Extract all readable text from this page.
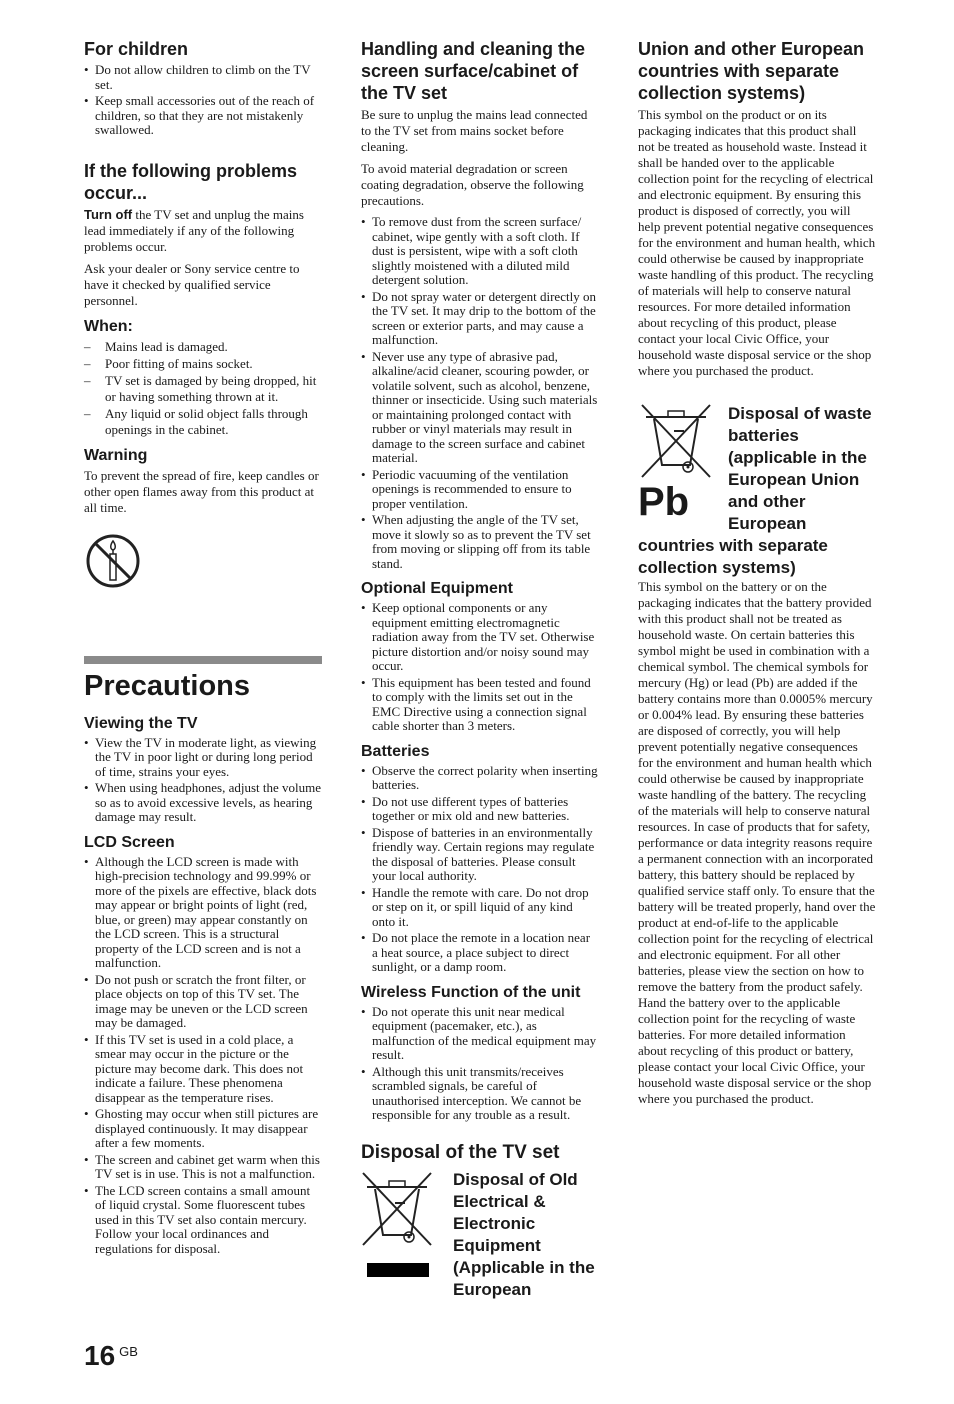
For children
• Do not allow children to climb on the TV set.
• Keep small accessories out of the reach of children, so that they are not mistakenly swallowed.
If the following problems occur...

Turn off the TV set and unplug the mains lead immediately if any of the following problems occur.

Ask your dealer or Sony service centre to have it checked by qualified service personnel.

When:
– Mains lead is damaged.
– Poor fitting of mains socket.
– TV set is damaged by being dropped, hit or having something thrown at it.
– Any liquid or solid object falls through openings in the cabinet.
Warning

To prevent the spread of fire, keep candles or other open flames away from this product at all time.

Precautions
Viewing the TV
• View the TV in moderate light, as viewing the TV in poor light or during long period of time, strains your eyes.
• When using headphones, adjust the volume so as to avoid excessive levels, as hearing damage may result.
LCD Screen
• Although the LCD screen is made with high-precision technology and 99.99% or more of the pixels are effective, black dots may appear or bright points of light (red, blue, or green) may appear constantly on the LCD screen. This is a structural property of the LCD screen and is not a malfunction.
• Do not push or scratch the front filter, or place objects on top of this TV set. The image may be uneven or the LCD screen may be damaged.
• If this TV set is used in a cold place, a smear may occur in the picture or the picture may become dark. This does not indicate a failure. These phenomena disappear as the temperature rises.
• Ghosting may occur when still pictures are displayed continuously. It may disappear after a few moments.
• The screen and cabinet get warm when this TV set is in use. This is not a malfunction.
• The LCD screen contains a small amount of liquid crystal. Some fluorescent tubes used in this TV set also contain mercury. Follow your local ordinances and regulations for disposal.
Handling and cleaning the screen surface/cabinet of the TV set

Be sure to unplug the mains lead connected to the TV set from mains socket before cleaning.

To avoid material degradation or screen coating degradation, observe the following precautions.

• To remove dust from the screen surface/ cabinet, wipe gently with a soft cloth. If dust is persistent, wipe with a soft cloth slightly moistened with a diluted mild detergent solution.
• Do not spray water or detergent directly on the TV set. It may drip to the bottom of the screen or exterior parts, and may cause a malfunction.
• Never use any type of abrasive pad, alkaline/acid cleaner, scouring powder, or volatile solvent, such as alcohol, benzene, thinner or insecticide. Using such materials or maintaining prolonged contact with rubber or vinyl materials may result in damage to the screen surface and cabinet material.
• Periodic vacuuming of the ventilation openings is recommended to ensure to proper ventilation.
• When adjusting the angle of the TV set, move it slowly so as to prevent the TV set from moving or slipping off from its table stand.
Optional Equipment
• Keep optional components or any equipment emitting electromagnetic radiation away from the TV set. Otherwise picture distortion and/or noisy sound may occur.
• This equipment has been tested and found to comply with the limits set out in the EMC Directive using a connection signal cable shorter than 3 meters.
Batteries
• Observe the correct polarity when inserting batteries.
• Do not use different types of batteries together or mix old and new batteries.
• Dispose of batteries in an environmentally friendly way. Certain regions may regulate the disposal of batteries. Please consult your local authority.
• Handle the remote with care. Do not drop or step on it, or spill liquid of any kind onto it.
• Do not place the remote in a location near a heat source, a place subject to direct sunlight, or a damp room.
Wireless Function of the unit
• Do not operate this unit near medical equipment (pacemaker, etc.), as malfunction of the medical equipment may result.
• Although this unit transmits/receives scrambled signals, be careful of unauthorised interception. We cannot be responsible for any trouble as a result.
Disposal of the TV set
Disposal of Old Electrical & Electronic Equipment (Applicable in the European
Union and other European countries with separate collection systems)

This symbol on the product or on its packaging indicates that this product shall not be treated as household waste. Instead it shall be handed over to the applicable collection point for the recycling of electrical and electronic equipment. By ensuring this product is disposed of correctly, you will help prevent potential negative consequences for the environment and human health, which could otherwise be caused by inappropriate waste handling of this product. The recycling of materials will help to conserve natural resources. For more detailed information about recycling of this product, please contact your local Civic Office, your household waste disposal service or the shop where you purchased the product.

Pb
Disposal of waste batteries (applicable in the European Union and other European
countries with separate collection systems)

This symbol on the battery or on the packaging indicates that the battery provided with this product shall not be treated as household waste. On certain batteries this symbol might be used in combination with a chemical symbol. The chemical symbols for mercury (Hg) or lead (Pb) are added if the battery contains more than 0.0005% mercury or 0.004% lead. By ensuring these batteries are disposed of correctly, you will help prevent potentially negative consequences for the environment and human health which could otherwise be caused by inappropriate waste handling of the battery. The recycling of the materials will help to conserve natural resources. In case of products that for safety, performance or data integrity reasons require a permanent connection with an incorporated battery, this battery should be replaced by qualified service staff only. To ensure that the battery will be treated properly, hand over the product at end-of-life to the applicable collection point for the recycling of electrical and electronic equipment. For all other batteries, please view the section on how to remove the battery from the product safely. Hand the battery over to the applicable collection point for the recycling of waste batteries. For more detailed information about recycling of this product or battery, please contact your local Civic Office, your household waste disposal service or the shop where you purchased the product.

16 $^{GB}$
